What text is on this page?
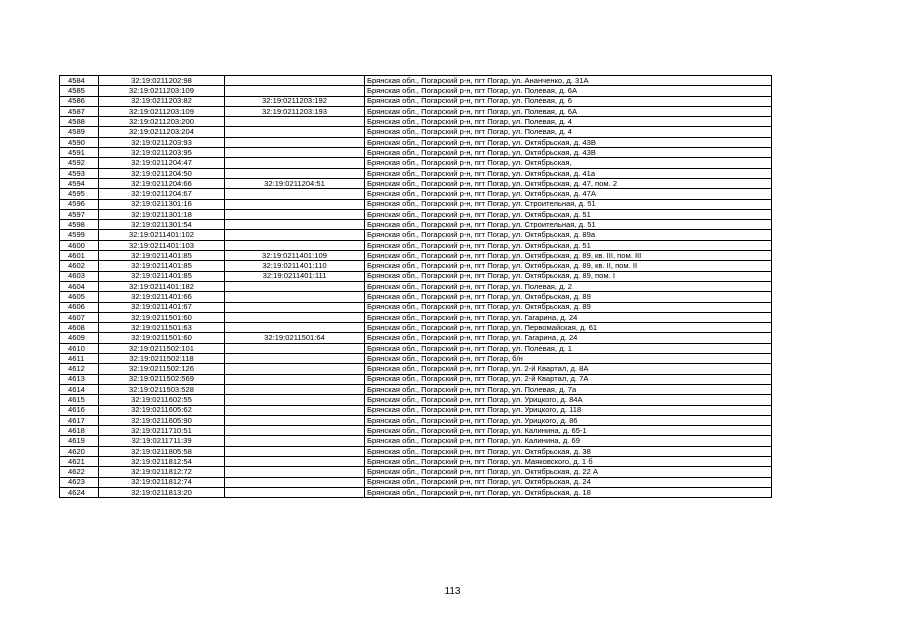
4584	32:19:0211202:98		Брянская обл., Погарский р-н, пгт Погар, ул. Ананченко, д. 31А
4585	32:19:0211203:109		Брянская обл., Погарский р-н, пгт Погар, ул. Полевая, д. 6А
4586	32:19:0211203:82	32:19:0211203:192	Брянская обл., Погарский р-н, пгт Погар, ул. Полевая, д. 6
4587	32:19:0211203:109	32:19:0211203:193	Брянская обл., Погарский р-н, пгт Погар, ул. Полевая, д. 6А
4588	32:19:0211203:200		Брянская обл., Погарский р-н, пгт Погар, ул. Полевая, д. 4
4589	32:19:0211203:204		Брянская обл., Погарский р-н, пгт Погар, ул. Полевая, д. 4
4590	32:19:0211203:93		Брянская обл., Погарский р-н, пгт Погар, ул. Октябрьская, д. 43В
4591	32:19:0211203:95		Брянская обл., Погарский р-н, пгт Погар, ул. Октябрьская, д. 43В
4592	32:19:0211204:47		Брянская обл., Погарский р-н, пгт Погар, ул. Октябрьская,
4593	32:19:0211204:50		Брянская обл., Погарский р-н, пгт Погар, ул. Октябрьская, д. 41а
4594	32:19:0211204:66	32:19:0211204:51	Брянская обл., Погарский р-н, пгт Погар, ул. Октябрьская, д. 47, пом. 2
4595	32:19:0211204:67		Брянская обл., Погарский р-н, пгт Погар, ул. Октябрьская, д. 47А
4596	32:19:0211301:16		Брянская обл., Погарский р-н, пгт Погар, ул. Строительная, д. 51
4597	32:19:0211301:18		Брянская обл., Погарский р-н, пгт Погар, ул. Октябрьская, д. 51
4598	32:19:0211301:54		Брянская обл., Погарский р-н, пгт Погар, ул. Строительная, д. 51
4599	32:19:0211401:102		Брянская обл., Погарский р-н, пгт Погар, ул. Октябрьская, д. 89а
4600	32:19:0211401:103		Брянская обл., Погарский р-н, пгт Погар, ул. Октябрьская, д. 51
4601	32:19:0211401:85	32:19:0211401:109	Брянская обл., Погарский р-н, пгт Погар, ул. Октябрьская, д. 89, кв. III, пом. III
4602	32:19:0211401:85	32:19:0211401:110	Брянская обл., Погарский р-н, пгт Погар, ул. Октябрьская, д. 89, кв. II, пом. II
4603	32:19:0211401:85	32:19:0211401:111	Брянская обл., Погарский р-н, пгт Погар, ул. Октябрьская, д. 89, пом. I
4604	32:19:0211401:182		Брянская обл., Погарский р-н, пгт Погар, ул. Полевая, д. 2
4605	32:19:0211401:66		Брянская обл., Погарский р-н, пгт Погар, ул. Октябрьская, д. 89
4606	32:19:0211401:67		Брянская обл., Погарский р-н, пгт Погар, ул. Октябрьская, д. 89
4607	32:19:0211501:60		Брянская обл., Погарский р-н, пгт Погар, ул. Гагарина, д. 24
4608	32:19:0211501:63		Брянская обл., Погарский р-н, пгт Погар, ул. Первомайская, д. 61
4609	32:19:0211501:60	32:19:0211501:64	Брянская обл., Погарский р-н, пгт Погар, ул. Гагарина, д. 24
4610	32:19:0211502:101		Брянская обл., Погарский р-н, пгт Погар, ул. Полевая, д. 1
4611	32:19:0211502:118		Брянская обл., Погарский р-н, пгт Погар, б/н
4612	32:19:0211502:126		Брянская обл., Погарский р-н, пгт Погар, ул. 2-й Квартал, д. 8А
4613	32:19:0211502:569		Брянская обл., Погарский р-н, пгт Погар, ул. 2-й Квартал, д. 7А
4614	32:19:0211503:528		Брянская обл., Погарский р-н, пгт Погар, ул. Полевая, д. 7а
4615	32:19:0211602:55		Брянская обл., Погарский р-н, пгт Погар, ул. Урицкого, д. 84А
4616	32:19:0211605:62		Брянская обл., Погарский р-н, пгт Погар, ул. Урицкого, д. 118
4617	32:19:0211605:90		Брянская обл., Погарский р-н, пгт Погар, ул. Урицкого, д. 86
4618	32:19:0211710:51		Брянская обл., Погарский р-н, пгт Погар, ул. Калинина, д. 65-1
4619	32:19:0211711:39		Брянская обл., Погарский р-н, пгт Погар, ул. Калинина, д. 69
4620	32:19:0211805:58		Брянская обл., Погарский р-н, пгт Погар, ул. Октябрьская, д. 38
4621	32:19:0211812:54		Брянская обл., Погарский р-н, пгт Погар, ул. Маяковского, д. 1 б
4622	32:19:0211812:72		Брянская обл., Погарский р-н, пгт Погар, ул. Октябрьская, д. 22 А
4623	32:19:0211812:74		Брянская обл., Погарский р-н, пгт Погар, ул. Октябрьская, д. 24
4624	32:19:0211813:20		Брянская обл., Погарский р-н, пгт Погар, ул. Октябрьская, д. 18
113
